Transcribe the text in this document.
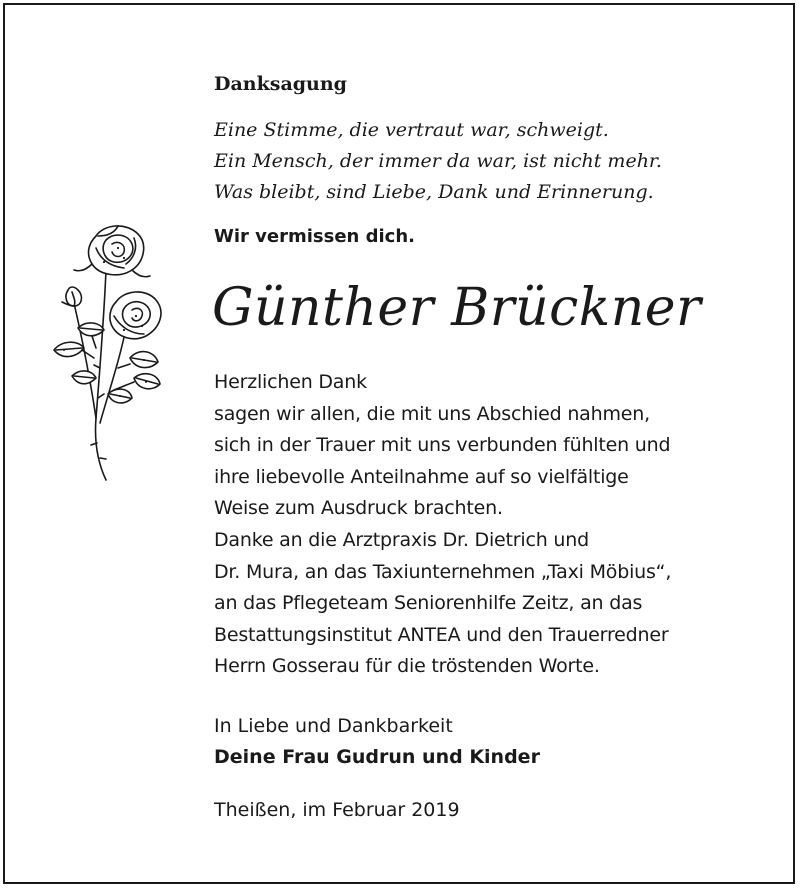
Danksagung
Eine Stimme, die vertraut war, schweigt.
Ein Mensch, der immer da war, ist nicht mehr.
Was bleibt, sind Liebe, Dank und Erinnerung.
Wir vermissen dich.
Günther Brückner
Herzlichen Dank
sagen wir allen, die mit uns Abschied nahmen,
sich in der Trauer mit uns verbunden fühlten und
ihre liebevolle Anteilnahme auf so vielfältige
Weise zum Ausdruck brachten.
Danke an die Arztpraxis Dr. Dietrich und
Dr. Mura, an das Taxiunternehmen „Taxi Möbius“,
an das Pflegeteam Seniorenhilfe Zeitz, an das
Bestattungsinstitut ANTEA und den Trauerredner
Herrn Gosserau für die tröstenden Worte.
In Liebe und Dankbarkeit
Deine Frau Gudrun und Kinder
Theißen, im Februar 2019
